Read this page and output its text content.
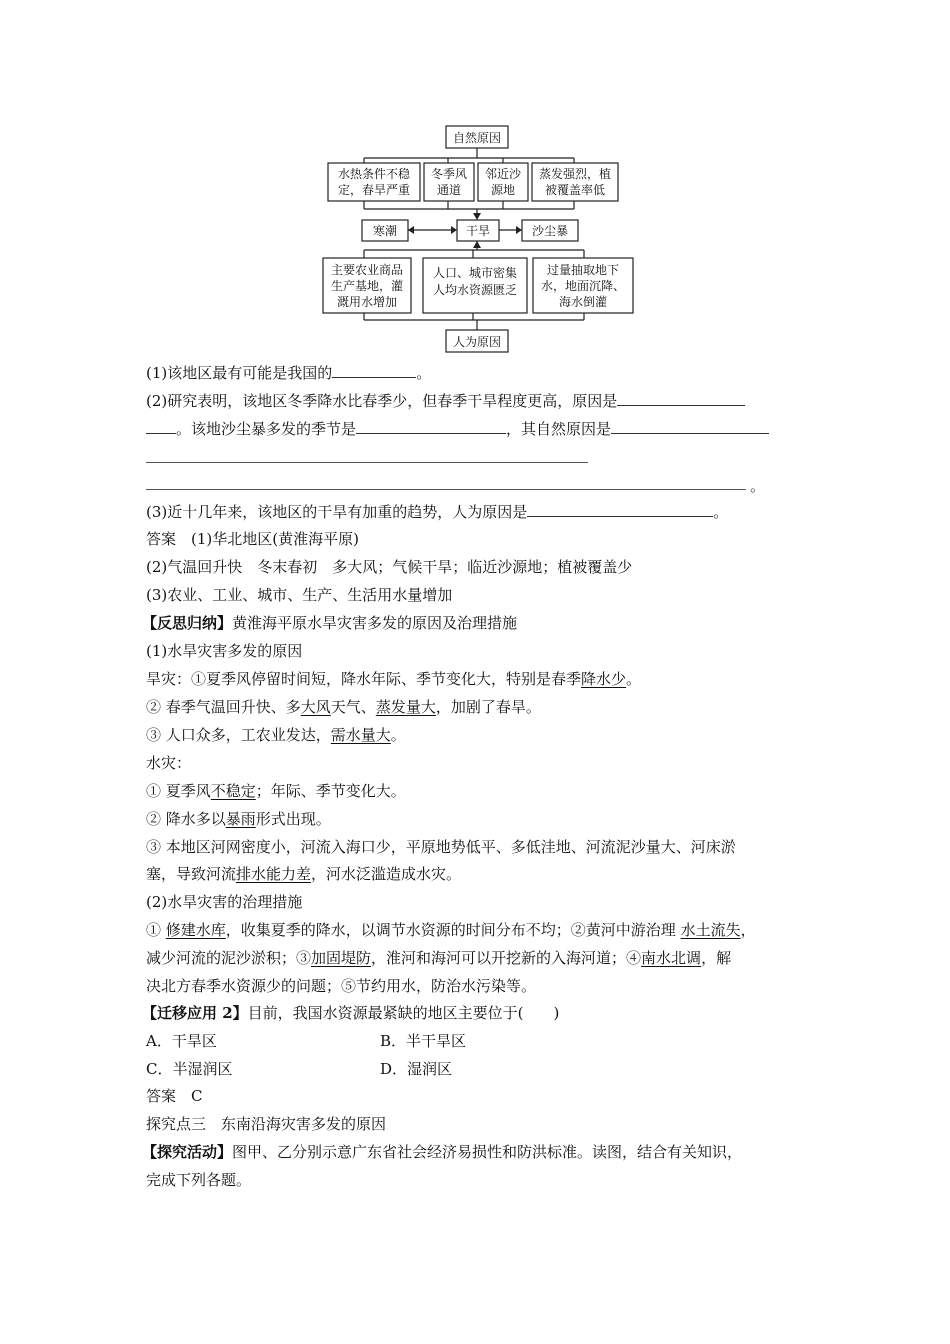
自然原因
水热条件不稳
定，春旱严重
冬季风
通道
邻近沙
源地
蒸发强烈，植
被覆盖率低
寒潮	干旱	沙尘暴
主要农业商品
生产基地，灌
溉用水增加
人口、城市密集
人均水资源匮乏
过量抽取地下
水，地面沉降、
海水倒灌
人为原因
(1)该地区最有可能是我国的	。
(2)研究表明，该地区冬季降水比春季少，但春季干旱程度更高，原因是
。该地沙尘暴多发的季节是	，其自然原因是
。
(3)近十几年来，该地区的干旱有加重的趋势，人为原因是	。
答案　 (1)华北地区(黄淮海平原)
(2)气温回升快　冬末春初　多大风；气候干旱；临近沙源地；植被覆盖少
(3)农业、工业、城市、生产、生活用水量增加
【反思归纳】黄淮海平原水旱灾害多发的原因及治理措施
(1)水旱灾害多发的原因
旱灾：①夏季风停留时间短，降水年际、季节变化大，特别是春季降水少。
② 春季气温回升快、多大风天气、蒸发量大，加剧了春旱。
③ 人口众多，工农业发达，需水量大。
水灾：
① 夏季风不稳定；年际、季节变化大。
② 降水多以暴雨形式出现。
③ 本地区河网密度小，河流入海口少，平原地势低平、多低洼地、河流泥沙量大、河床淤
塞，导致河流排水能力差，河水泛滥造成水灾。
(2)水旱灾害的治理措施
① 修建水库，收集夏季的降水，以调节水资源的时间分布不均；②黄河中游治理 水土流失，
减少河流的泥沙淤积；③加固堤防，淮河和海河可以开挖新的入海河道；④南水北调，解
决北方春季水资源少的问题；⑤节约用水，防治水污染等。
【迁移应用 2】目前，我国水资源最紧缺的地区主要位于(　　)
A．干旱区	B．半干旱区
C．半湿润区	D．湿润区
答案　 C
探究点三　东南沿海灾害多发的原因
【探究活动】图甲、乙分别示意广东省社会经济易损性和防洪标准。读图，结合有关知识，
完成下列各题。
